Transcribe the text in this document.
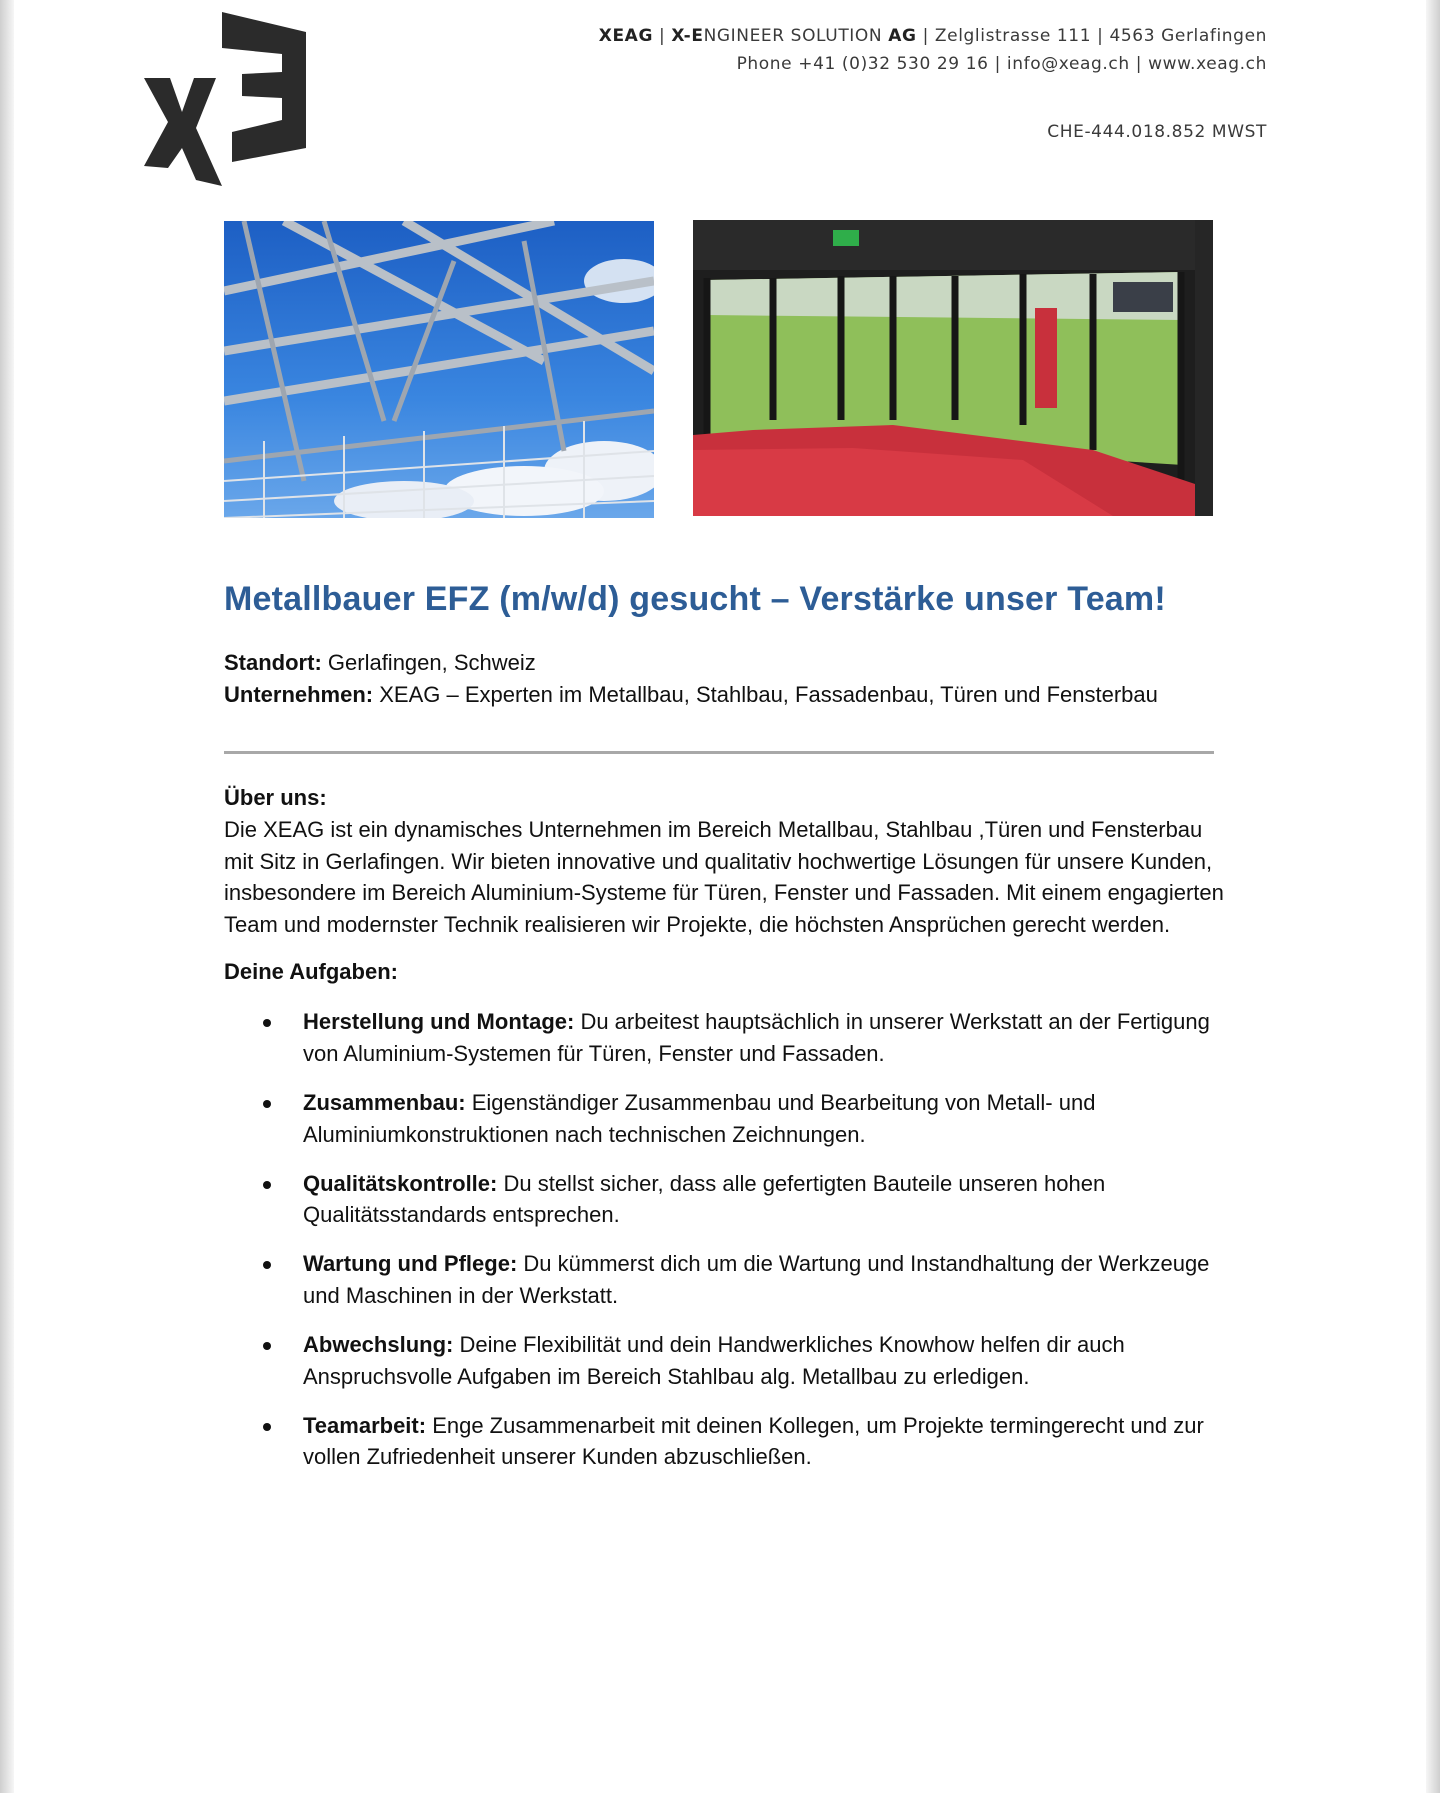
XEAG | X-ENGINEER SOLUTION AG | Zelglistrasse 111 | 4563 Gerlafingen
Phone +41 (0)32 530 29 16 | info@xeag.ch | www.xeag.ch
CHE-444.018.852 MWST
Metallbauer EFZ (m/w/d) gesucht – Verstärke unser Team!
Standort: Gerlafingen, Schweiz
Unternehmen: XEAG – Experten im Metallbau, Stahlbau, Fassadenbau, Türen und Fensterbau
Über uns:

Die XEAG ist ein dynamisches Unternehmen im Bereich Metallbau, Stahlbau ,Türen und Fensterbau mit Sitz in Gerlafingen. Wir bieten innovative und qualitativ hochwertige Lösungen für unsere Kunden, insbesondere im Bereich Aluminium-Systeme für Türen, Fenster und Fassaden. Mit einem engagierten Team und modernster Technik realisieren wir Projekte, die höchsten Ansprüchen gerecht werden.

Deine Aufgaben:
Herstellung und Montage: Du arbeitest hauptsächlich in unserer Werkstatt an der Fertigung von Aluminium-Systemen für Türen, Fenster und Fassaden.
Zusammenbau: Eigenständiger Zusammenbau und Bearbeitung von Metall- und Aluminiumkonstruktionen nach technischen Zeichnungen.
Qualitätskontrolle: Du stellst sicher, dass alle gefertigten Bauteile unseren hohen Qualitätsstandards entsprechen.
Wartung und Pflege: Du kümmerst dich um die Wartung und Instandhaltung der Werkzeuge und Maschinen in der Werkstatt.
Abwechslung: Deine Flexibilität und dein Handwerkliches Knowhow helfen dir auch Anspruchsvolle Aufgaben im Bereich Stahlbau alg. Metallbau zu erledigen.
Teamarbeit: Enge Zusammenarbeit mit deinen Kollegen, um Projekte termingerecht und zur vollen Zufriedenheit unserer Kunden abzuschließen.
